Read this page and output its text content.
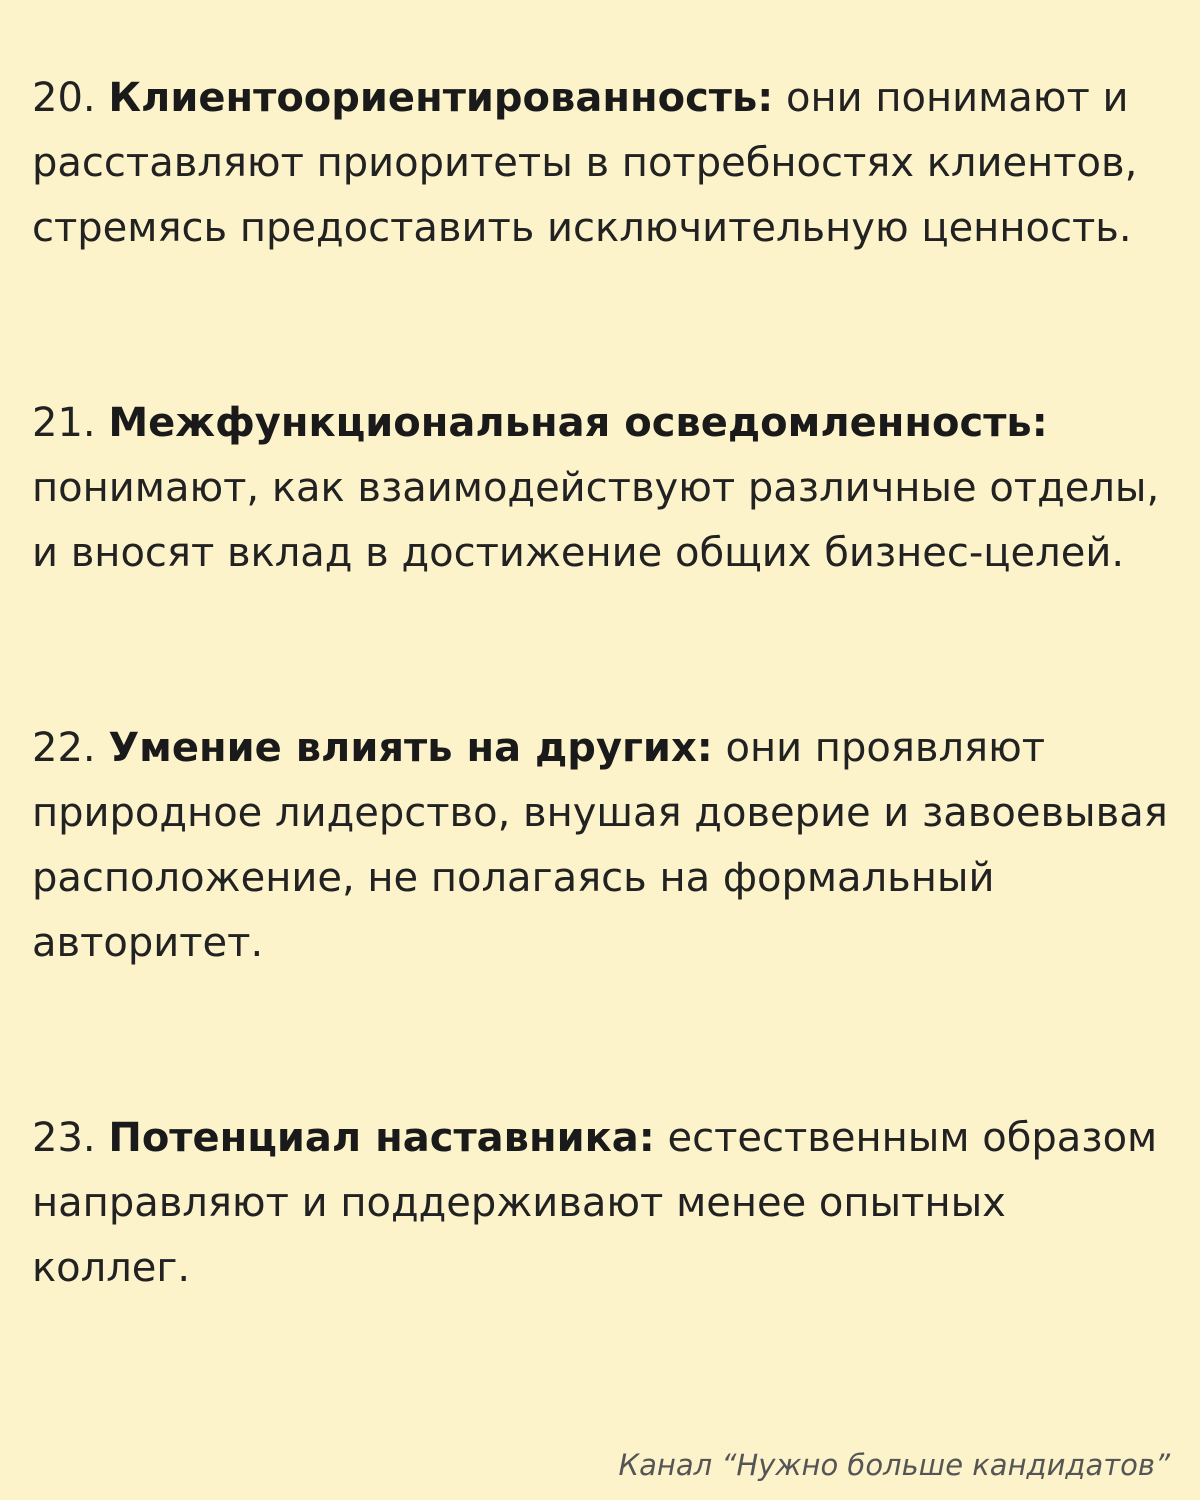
20. Клиентоориентированность: они понимают и расставляют приоритеты в потребностях клиентов, стремясь предоставить исключительную ценность.

21. Межфункциональная осведомленность: понимают, как взаимодействуют различные отделы, и вносят вклад в достижение общих бизнес-целей.

22. Умение влиять на других: они проявляют природное лидерство, внушая доверие и завоевывая расположение, не полагаясь на формальный авторитет.

23. Потенциал наставника: естественным образом направляют и поддерживают менее опытных коллег.

Канал “Нужно больше кандидатов”
